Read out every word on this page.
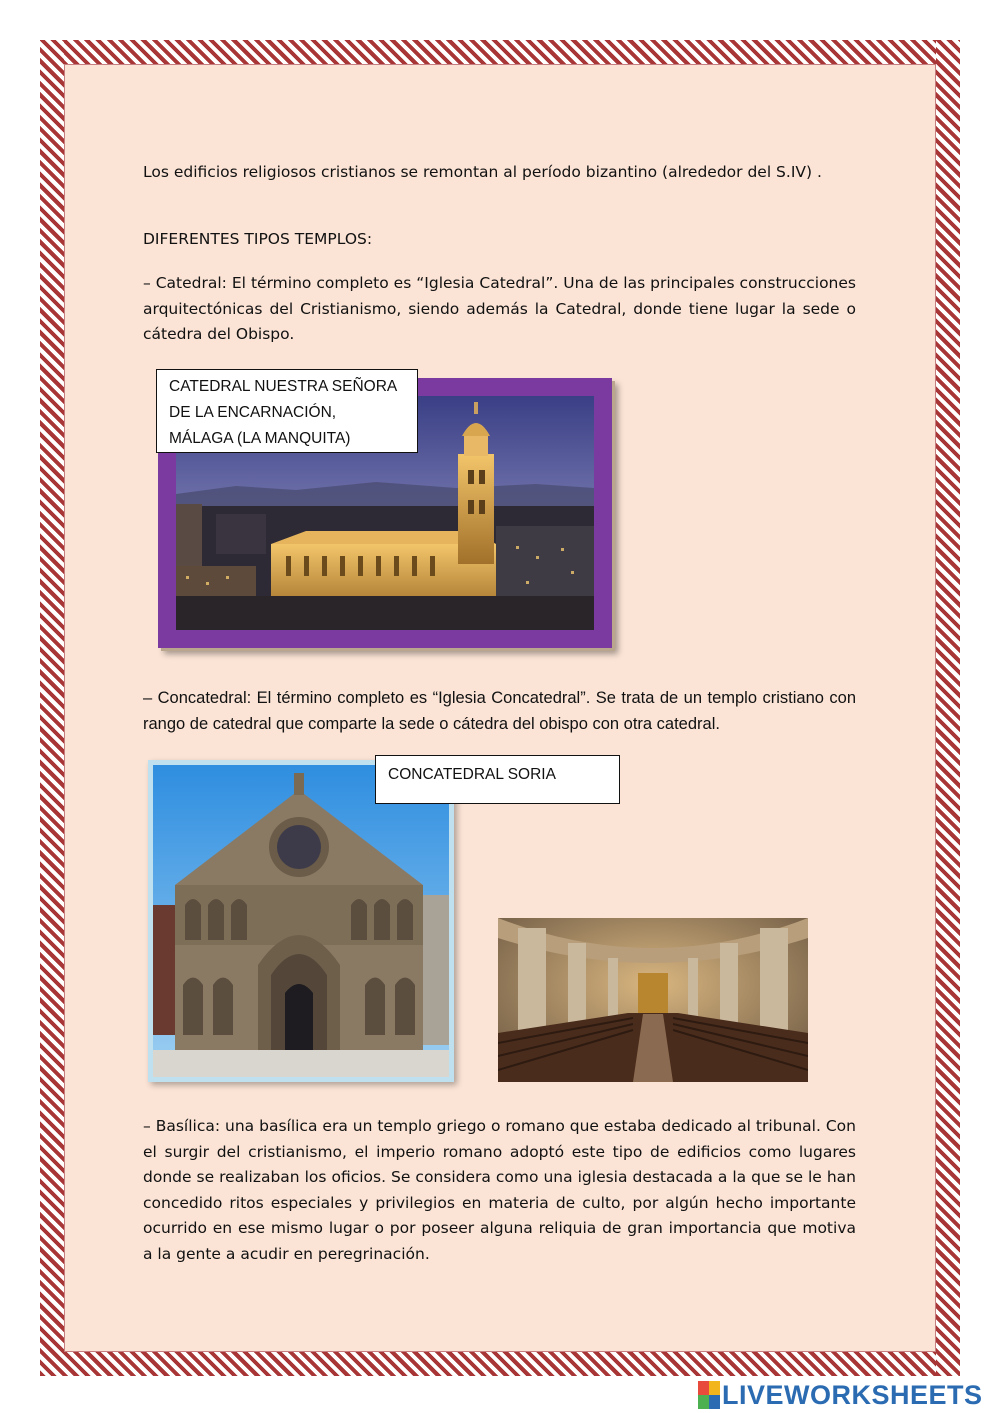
Los edificios religiosos cristianos se remontan al período bizantino (alrededor del S.IV) .

DIFERENTES TIPOS TEMPLOS:

– Catedral: El término completo es “Iglesia Catedral”. Una de las principales construcciones arquitectónicas del Cristianismo, siendo además la Catedral, donde tiene lugar la sede o cátedra del Obispo.

CATEDRAL NUESTRA SEÑORA
DE LA ENCARNACIÓN,
MÁLAGA (LA MANQUITA)

– Concatedral: El término completo es “Iglesia Concatedral”. Se trata de un templo cristiano con rango de catedral que comparte la sede o cátedra del obispo con otra catedral.

CONCATEDRAL SORIA

– Basílica: una basílica era un templo griego o romano que estaba dedicado al tribunal. Con el surgir del cristianismo, el imperio romano adoptó este tipo de edificios como lugares donde se realizaban los oficios. Se considera como una iglesia destacada a la que se le han concedido ritos especiales y privilegios en materia de culto, por algún hecho importante ocurrido en ese mismo lugar o por poseer alguna reliquia de gran importancia que motiva a la gente a acudir en peregrinación.

LIVEWORKSHEETS
